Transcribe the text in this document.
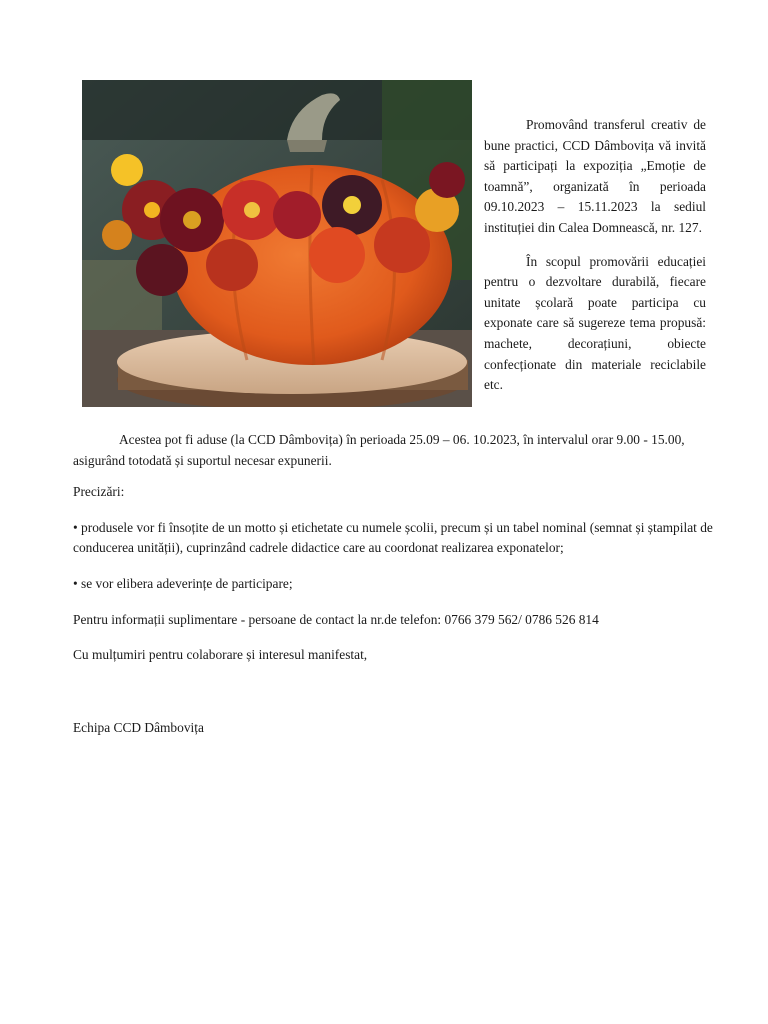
Promovând transferul creativ de bune practici, CCD Dâmbovița vă invită să participați la expoziția „Emoție de toamnă”, organizată în perioada 09.10.2023 – 15.11.2023 la sediul instituției din Calea Domnească, nr. 127.

În scopul promovării educației pentru o dezvoltare durabilă, fiecare unitate școlară poate participa cu exponate care să sugereze tema propusă: machete, decorațiuni, obiecte confecționate din materiale reciclabile etc.

Acestea pot fi aduse (la CCD Dâmbovița) în perioada 25.09 – 06. 10.2023, în intervalul orar 9.00 - 15.00, asigurând totodată și suportul necesar expunerii.

Precizări:

• produsele vor fi însoțite de un motto și etichetate cu numele școlii, precum și un tabel nominal (semnat și ștampilat de conducerea unității), cuprinzând cadrele didactice care au coordonat realizarea exponatelor;

• se vor elibera adeverințe de participare;

Pentru informații suplimentare - persoane de contact la nr.de telefon: 0766 379 562/ 0786 526 814

Cu mulțumiri pentru colaborare și interesul manifestat,

Echipa CCD Dâmbovița
